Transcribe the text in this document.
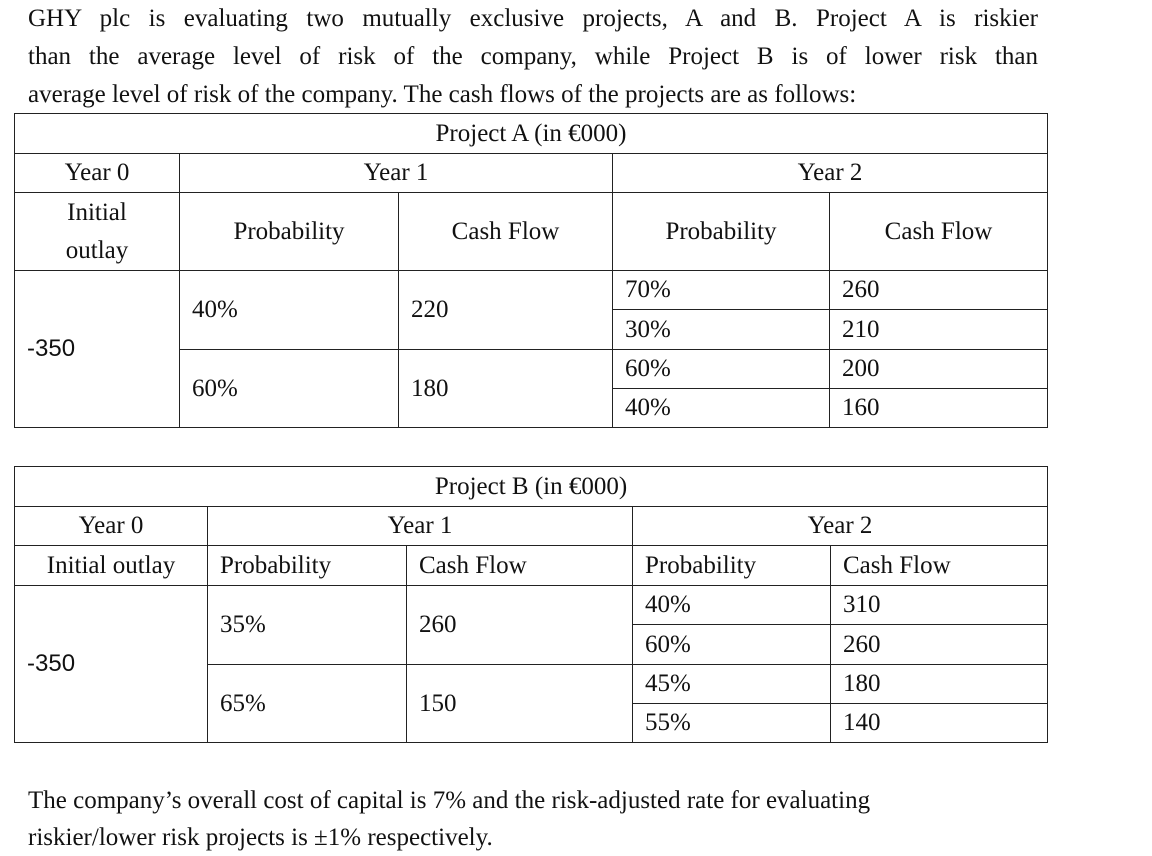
GHY plc is evaluating two mutually exclusive projects, A and B. Project A is riskier
than the average level of risk of the company, while Project B is of lower risk than
average level of risk of the company. The cash flows of the projects are as follows:
Project A (in €000)				
Year 0	Year 1		Year 2	

Initial
outlay	Probability	Cash Flow	Probability	Cash Flow
-350	40%	220	70%	260
			30%	210
	60%	180	60%	200
			40%	160
Project B (in €000)				
Year 0	Year 1		Year 2	
Initial outlay	Probability	Cash Flow	Probability	Cash Flow
-350	35%	260	40%	310
			60%	260
	65%	150	45%	180
			55%	140
The company’s overall cost of capital is 7% and the risk-adjusted rate for evaluating
riskier/lower risk projects is ±1% respectively.
